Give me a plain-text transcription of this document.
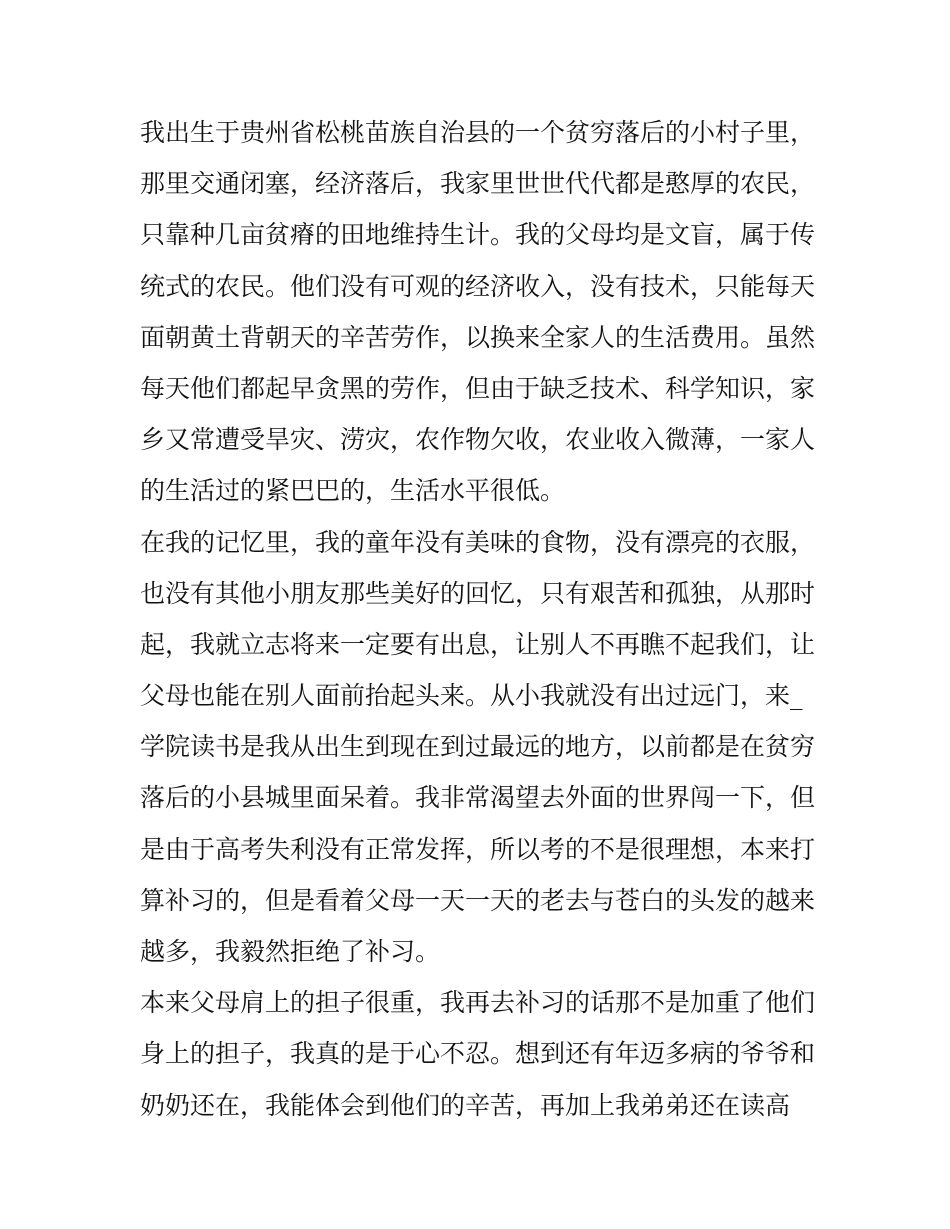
我出生于贵州省松桃苗族自治县的一个贫穷落后的小村子里，
那里交通闭塞，经济落后，我家里世世代代都是憨厚的农民，
只靠种几亩贫瘠的田地维持生计。我的父母均是文盲，属于传
统式的农民。他们没有可观的经济收入，没有技术，只能每天
面朝黄土背朝天的辛苦劳作，以换来全家人的生活费用。虽然
每天他们都起早贪黑的劳作，但由于缺乏技术、科学知识，家
乡又常遭受旱灾、涝灾，农作物欠收，农业收入微薄，一家人
的生活过的紧巴巴的，生活水平很低。
在我的记忆里，我的童年没有美味的食物，没有漂亮的衣服，
也没有其他小朋友那些美好的回忆，只有艰苦和孤独，从那时
起，我就立志将来一定要有出息，让别人不再瞧不起我们，让
父母也能在别人面前抬起头来。从小我就没有出过远门，来_
学院读书是我从出生到现在到过最远的地方，以前都是在贫穷
落后的小县城里面呆着。我非常渴望去外面的世界闯一下，但
是由于高考失利没有正常发挥，所以考的不是很理想，本来打
算补习的，但是看着父母一天一天的老去与苍白的头发的越来
越多，我毅然拒绝了补习。
本来父母肩上的担子很重，我再去补习的话那不是加重了他们
身上的担子，我真的是于心不忍。想到还有年迈多病的爷爷和
奶奶还在，我能体会到他们的辛苦，再加上我弟弟还在读高
